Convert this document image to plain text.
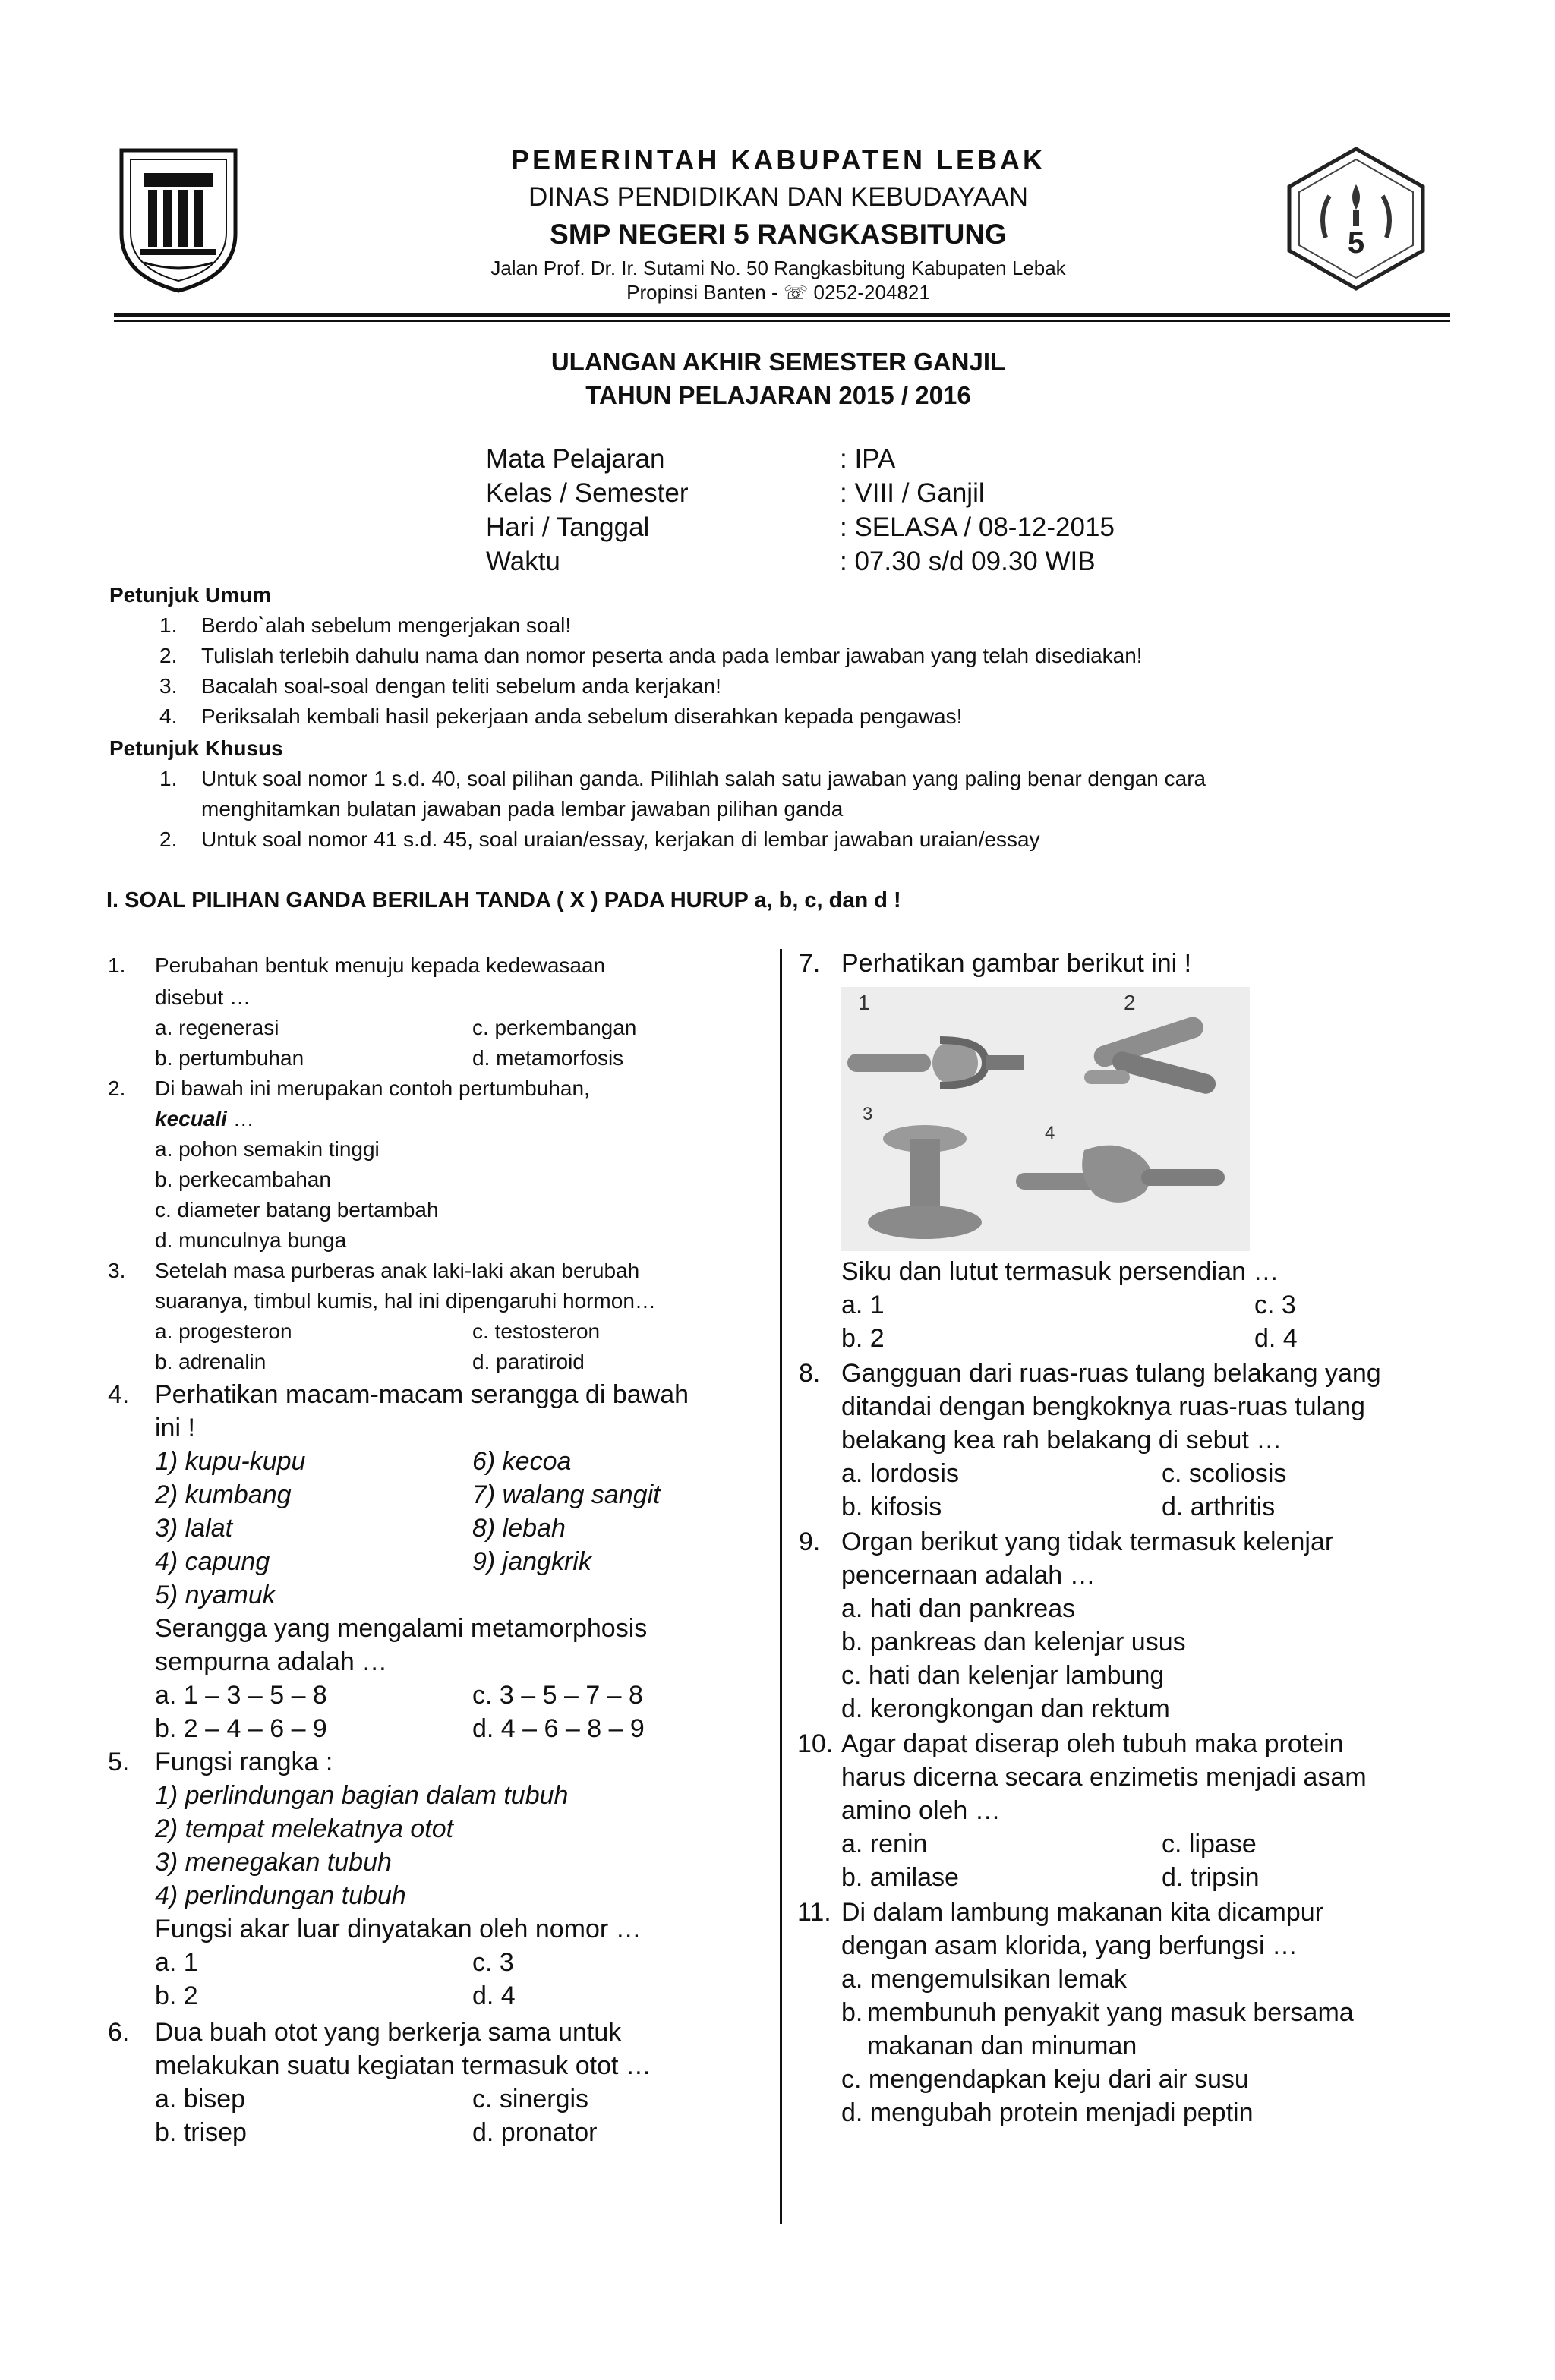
5
PEMERINTAH KABUPATEN LEBAK
DINAS PENDIDIKAN DAN KEBUDAYAAN
SMP NEGERI 5 RANGKASBITUNG
Jalan Prof. Dr. Ir. Sutami No. 50 Rangkasbitung Kabupaten Lebak
Propinsi Banten - ☏ 0252-204821
ULANGAN AKHIR SEMESTER GANJIL
TAHUN PELAJARAN 2015 / 2016
Mata Pelajaran	: IPA
Kelas / Semester	: VIII / Ganjil
Hari / Tanggal	: SELASA / 08-12-2015
Waktu	: 07.30 s/d 09.30 WIB
Petunjuk Umum
1. Berdo`alah sebelum mengerjakan soal!
2. Tulislah terlebih dahulu nama dan nomor peserta anda pada lembar jawaban yang telah disediakan!
3. Bacalah soal-soal dengan teliti sebelum anda kerjakan!
4. Periksalah kembali hasil pekerjaan anda sebelum diserahkan kepada pengawas!
Petunjuk Khusus
1. Untuk soal nomor 1 s.d. 40, soal pilihan ganda. Pilihlah salah satu jawaban yang paling benar dengan cara
menghitamkan bulatan jawaban pada lembar jawaban pilihan ganda
2. Untuk soal nomor 41 s.d. 45, soal uraian/essay, kerjakan di lembar jawaban uraian/essay
I. SOAL PILIHAN GANDA BERILAH TANDA ( X ) PADA HURUP a, b, c, dan d !
1. Perubahan bentuk menuju kepada kedewasaan
disebut …
a. regenerasi	c. perkembangan
b. pertumbuhan	d. metamorfosis
2. Di bawah ini merupakan contoh pertumbuhan,
kecuali …
a. pohon semakin tinggi
b. perkecambahan
c. diameter batang bertambah
d. munculnya bunga
3. Setelah masa purberas anak laki-laki akan berubah
suaranya, timbul kumis, hal ini dipengaruhi hormon…
a. progesteron	c. testosteron
b. adrenalin	d. paratiroid
4. Perhatikan macam-macam serangga di bawah
ini !
1) kupu-kupu	6) kecoa
2) kumbang	7) walang sangit
3) lalat	8) lebah
4) capung	9) jangkrik
5) nyamuk
Serangga yang mengalami metamorphosis
sempurna adalah …
a. 1 – 3 – 5 – 8	c. 3 – 5 – 7 – 8
b. 2 – 4 – 6 – 9	d. 4 – 6 – 8 – 9
5. Fungsi rangka :
1) perlindungan bagian dalam tubuh
2) tempat melekatnya otot
3) menegakan tubuh
4) perlindungan tubuh
Fungsi akar luar dinyatakan oleh nomor …
a. 1	c. 3
b. 2	d. 4
6. Dua buah otot yang berkerja sama untuk
melakukan suatu kegiatan termasuk otot …
a. bisep	c. sinergis
b. trisep	d. pronator
7. Perhatikan gambar berikut ini !
1	2
3
4
Siku dan lutut termasuk persendian …
a. 1	c. 3
b. 2	d. 4
8. Gangguan dari ruas-ruas tulang belakang yang
ditandai dengan bengkoknya ruas-ruas tulang
belakang kea rah belakang di sebut …
a. lordosis	c. scoliosis
b. kifosis	d. arthritis
9. Organ berikut yang tidak termasuk kelenjar
pencernaan adalah …
a. hati dan pankreas
b. pankreas dan kelenjar usus
c. hati dan kelenjar lambung
d. kerongkongan dan rektum
10. Agar dapat diserap oleh tubuh maka protein
harus dicerna secara enzimetis menjadi asam
amino oleh …
a. renin	c. lipase
b. amilase	d. tripsin
11. Di dalam lambung makanan kita dicampur
dengan asam klorida, yang berfungsi …
a. mengemulsikan lemak
b. membunuh penyakit yang masuk bersama
makanan dan minuman
c. mengendapkan keju dari air susu
d. mengubah protein menjadi peptin
